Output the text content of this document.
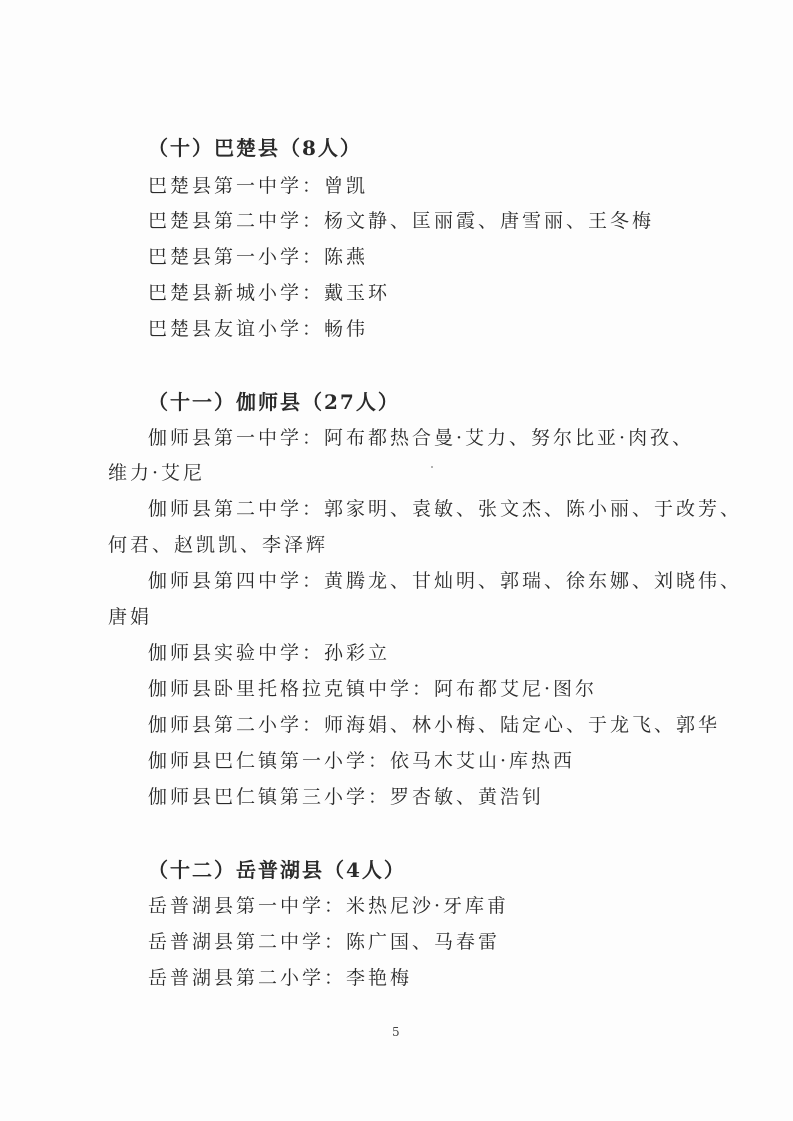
（十）巴楚县（8人）
巴楚县第一中学：曾凯
巴楚县第二中学：杨文静、匡丽霞、唐雪丽、王冬梅
巴楚县第一小学：陈燕
巴楚县新城小学：戴玉环
巴楚县友谊小学：畅伟
（十一）伽师县（27人）
伽师县第一中学：阿布都热合曼·艾力、努尔比亚·肉孜、
维力·艾尼
伽师县第二中学：郭家明、袁敏、张文杰、陈小丽、于改芳、
何君、赵凯凯、李泽辉
伽师县第四中学：黄腾龙、甘灿明、郭瑞、徐东娜、刘晓伟、
唐娟
伽师县实验中学：孙彩立
伽师县卧里托格拉克镇中学：阿布都艾尼·图尔
伽师县第二小学：师海娟、林小梅、陆定心、于龙飞、郭华
伽师县巴仁镇第一小学：依马木艾山·库热西
伽师县巴仁镇第三小学：罗杏敏、黄浩钊
（十二）岳普湖县（4人）
岳普湖县第一中学：米热尼沙·牙库甫
岳普湖县第二中学：陈广国、马春雷
岳普湖县第二小学：李艳梅
5
